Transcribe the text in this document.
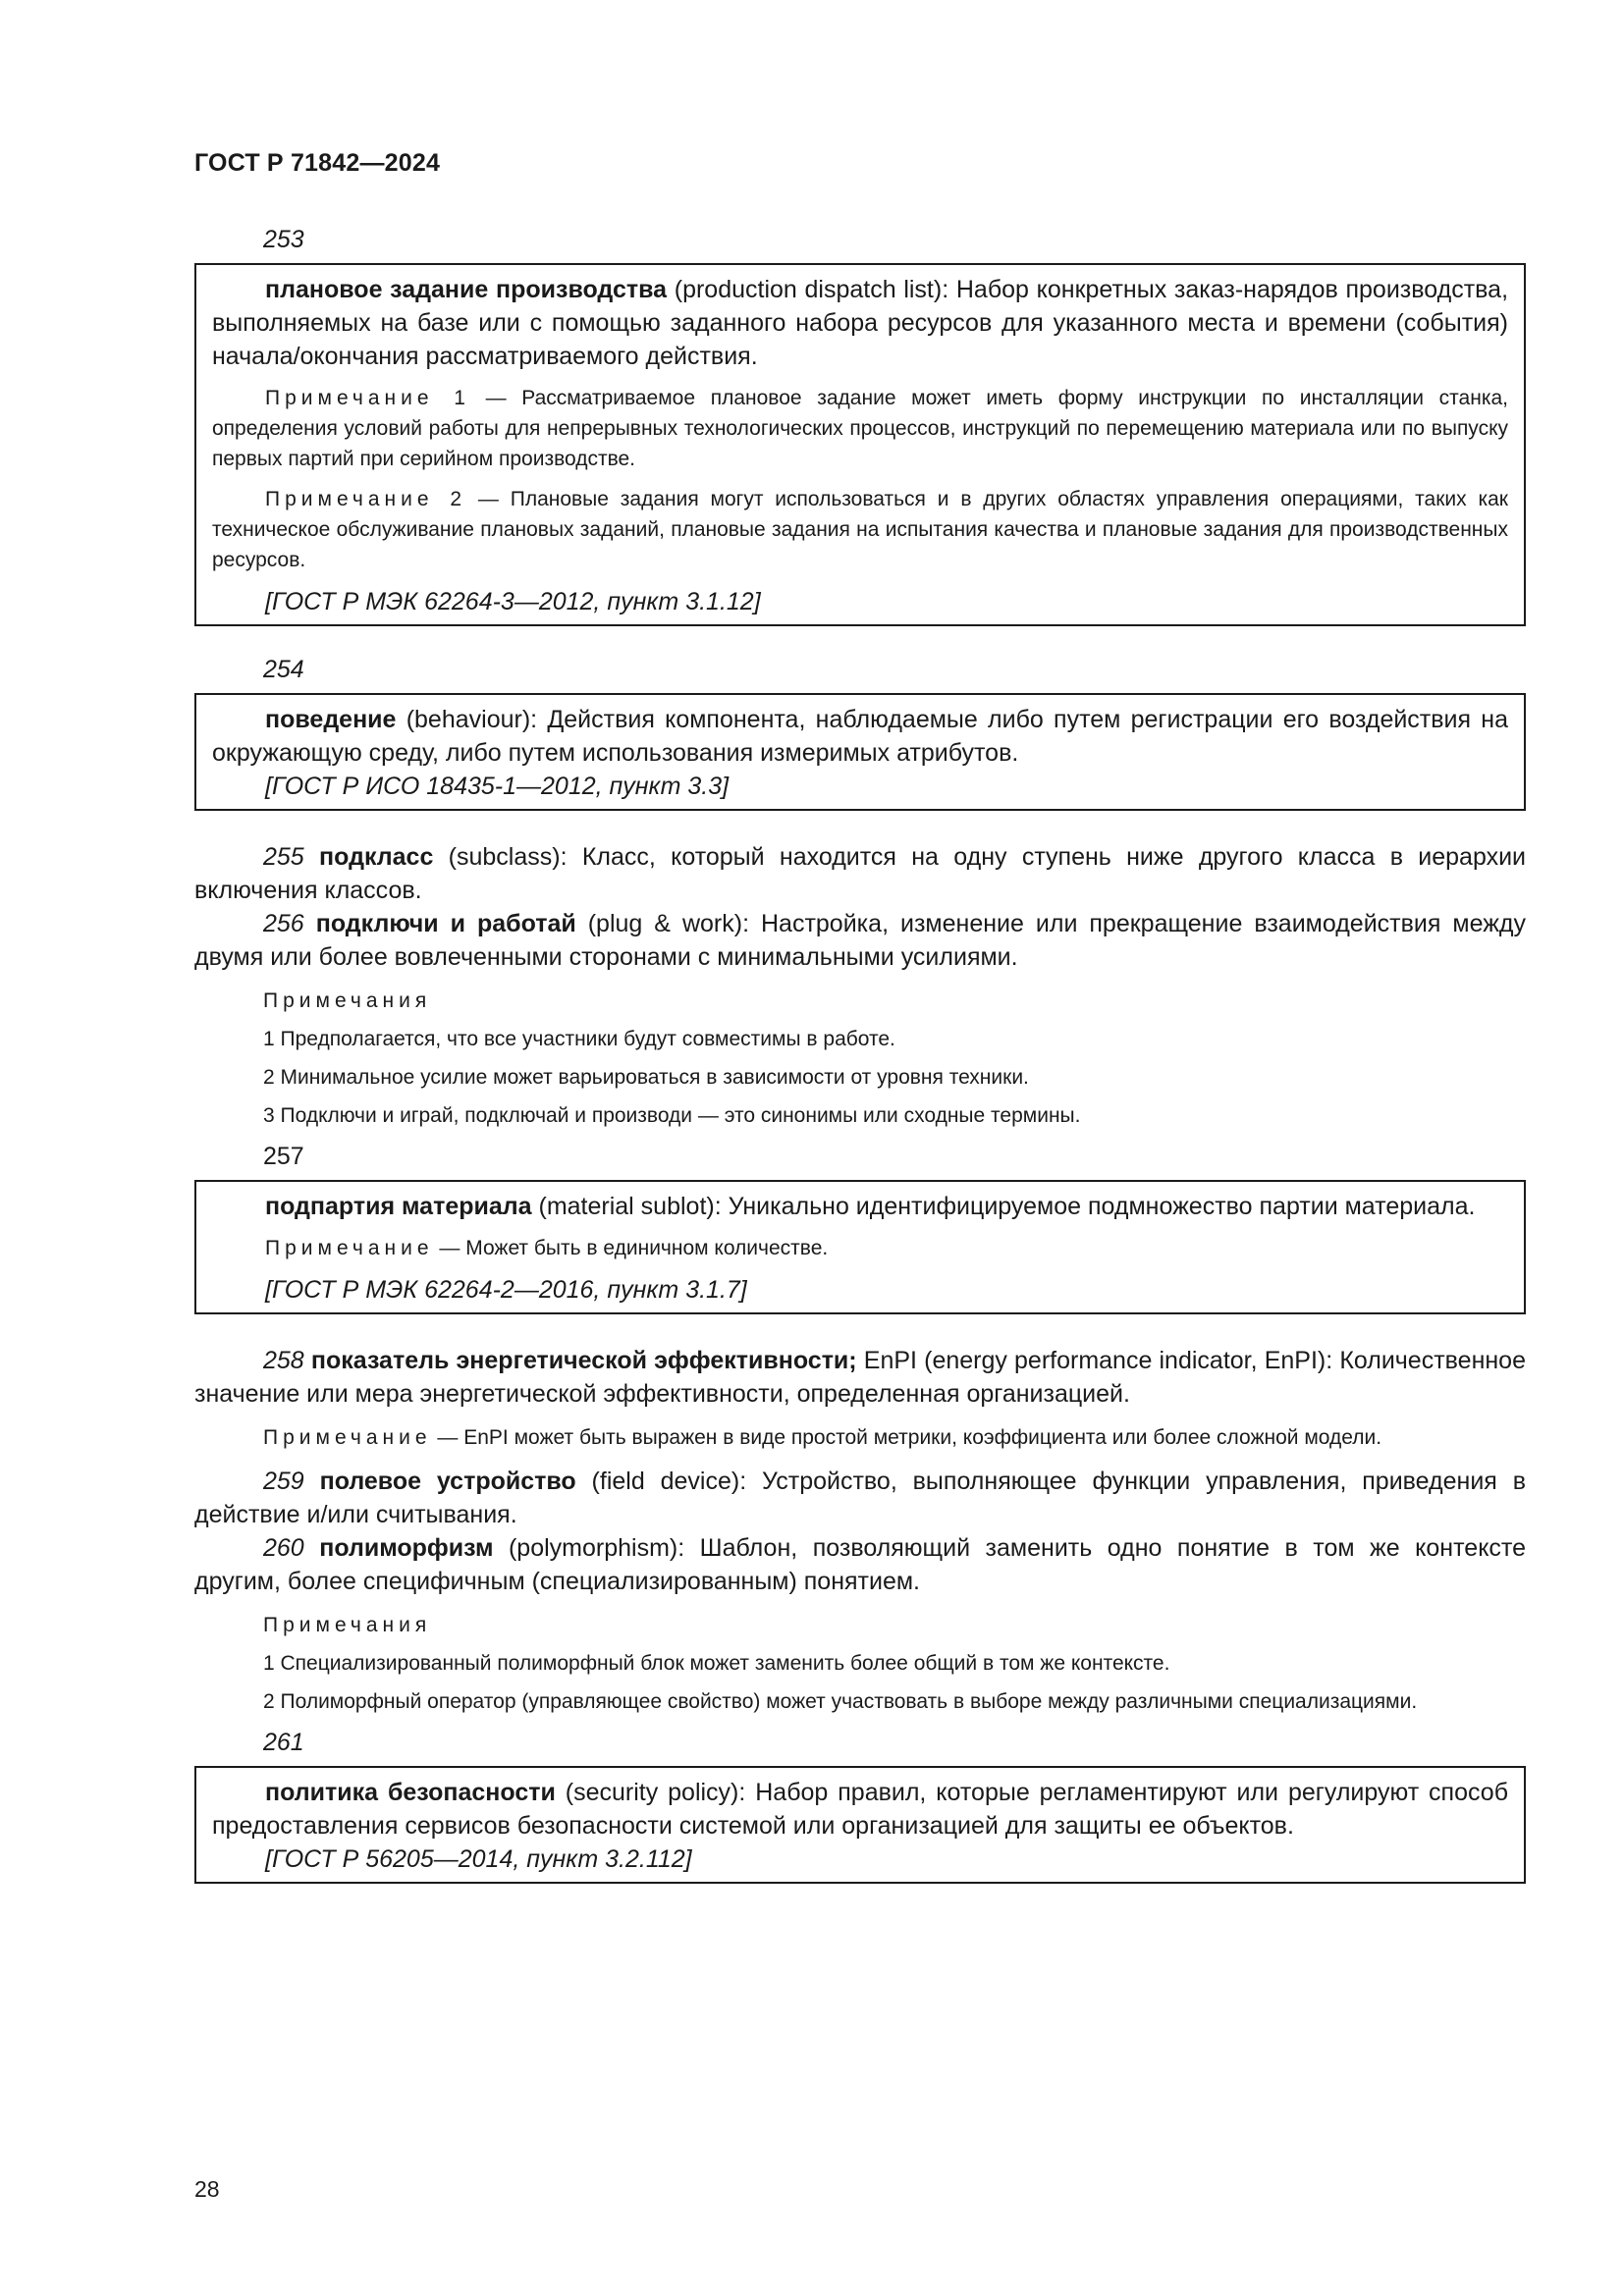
ГОСТ Р 71842—2024
253

плановое задание производства (production dispatch list): Набор конкретных заказ-нарядов производства, выполняемых на базе или с помощью заданного набора ресурсов для указанного места и времени (события) начала/окончания рассматриваемого действия.

Примечание 1 — Рассматриваемое плановое задание может иметь форму инструкции по инсталляции станка, определения условий работы для непрерывных технологических процессов, инструкций по перемещению материала или по выпуску первых партий при серийном производстве.

Примечание 2 — Плановые задания могут использоваться и в других областях управления операциями, таких как техническое обслуживание плановых заданий, плановые задания на испытания качества и плановые задания для производственных ресурсов.

[ГОСТ Р МЭК 62264-3—2012, пункт 3.1.12]

254

поведение (behaviour): Действия компонента, наблюдаемые либо путем регистрации его воздействия на окружающую среду, либо путем использования измеримых атрибутов.

[ГОСТ Р ИСО 18435-1—2012, пункт 3.3]

255 подкласс (subclass): Класс, который находится на одну ступень ниже другого класса в иерархии включения классов.

256 подключи и работай (plug & work): Настройка, изменение или прекращение взаимодействия между двумя или более вовлеченными сторонами с минимальными усилиями.

Примечания

1 Предполагается, что все участники будут совместимы в работе.

2 Минимальное усилие может варьироваться в зависимости от уровня техники.

3 Подключи и играй, подключай и производи — это синонимы или сходные термины.

257

подпартия материала (material sublot): Уникально идентифицируемое подмножество партии материала.

Примечание — Может быть в единичном количестве.

[ГОСТ Р МЭК 62264-2—2016, пункт 3.1.7]

258 показатель энергетической эффективности; EnPI (energy performance indicator, EnPI): Количественное значение или мера энергетической эффективности, определенная организацией.

Примечание — EnPI может быть выражен в виде простой метрики, коэффициента или более сложной модели.

259 полевое устройство (field device): Устройство, выполняющее функции управления, приведения в действие и/или считывания.

260 полиморфизм (polymorphism): Шаблон, позволяющий заменить одно понятие в том же контексте другим, более специфичным (специализированным) понятием.

Примечания

1 Специализированный полиморфный блок может заменить более общий в том же контексте.

2 Полиморфный оператор (управляющее свойство) может участвовать в выборе между различными специализациями.

261

политика безопасности (security policy): Набор правил, которые регламентируют или регулируют способ предоставления сервисов безопасности системой или организацией для защиты ее объектов.

[ГОСТ Р 56205—2014, пункт 3.2.112]

28
